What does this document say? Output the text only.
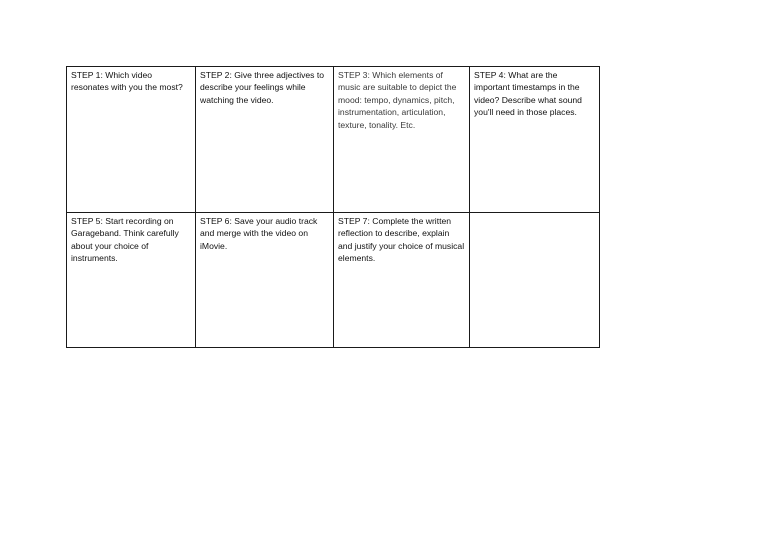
STEP 1: Which video resonates with you the most?	STEP 2: Give three adjectives to describe your feelings while watching the video.	STEP 3: Which elements of music are suitable to depict the mood: tempo, dynamics, pitch, instrumentation, articulation, texture, tonality. Etc.	STEP 4: What are the important timestamps in the video? Describe what sound you'll need in those places.

STEP 5: Start recording on Garageband. Think carefully about your choice of instruments.	STEP 6: Save your audio track and merge with the video on iMovie.	STEP 7: Complete the written reflection to describe, explain and justify your choice of musical elements.	
